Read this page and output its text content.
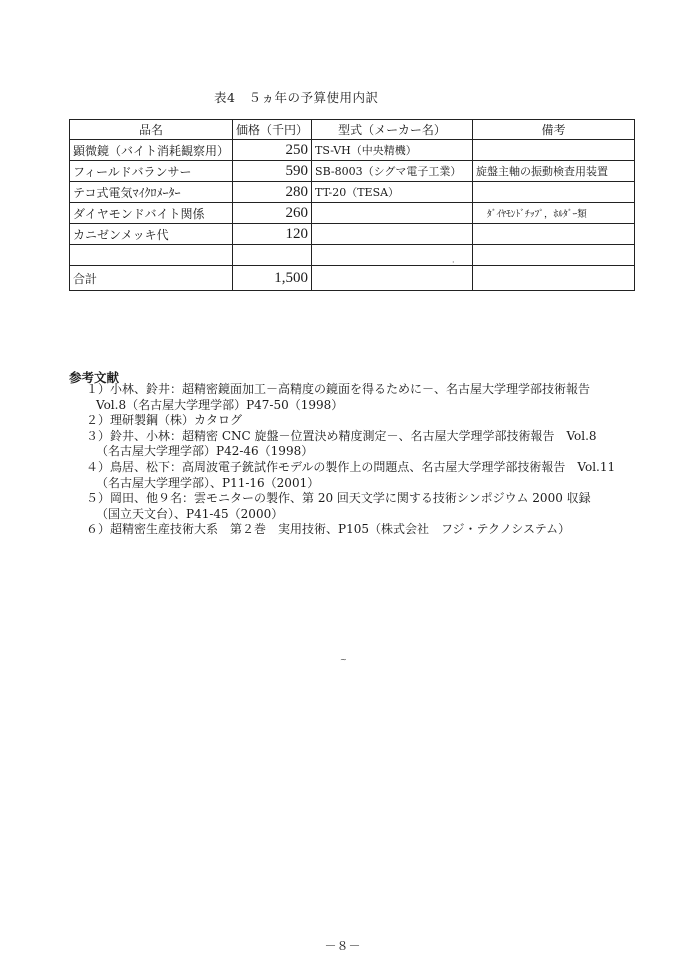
表4　５ヵ年の予算使用内訳
品名	価格（千円）	型式（メーカー名）	備考
顕微鏡（バイト消耗観察用）	250	TS-VH（中央精機）	
フィールドバランサー	590	SB-8003（シグマ電子工業）	旋盤主軸の振動検査用装置
テコ式電気ﾏｲｸﾛﾒｰﾀｰ	280	TT-20（TESA）	
ダイヤモンドバイト関係	260		ﾀﾞｲﾔﾓﾝﾄﾞﾁｯﾌﾟ，ﾎﾙﾀﾞｰ類
カニゼンメッキ代	120		

合計	1,500		
参考文献
１）小林、鈴井：超精密鏡面加工－高精度の鏡面を得るために－、名古屋大学理学部技術報告
Vol.8（名古屋大学理学部）P47-50（1998）
２）理研製鋼（株）カタログ
３）鈴井、小林：超精密 CNC 旋盤－位置決め精度測定－、名古屋大学理学部技術報告　Vol.8
（名古屋大学理学部）P42-46（1998）
４）鳥居、松下：高周波電子銃試作モデルの製作上の問題点、名古屋大学理学部技術報告　Vol.11
（名古屋大学理学部）、P11-16（2001）
５）岡田、他９名：雲モニターの製作、第 20 回天文学に関する技術シンポジウム 2000 収録
（国立天文台）、P41-45（2000）
６）超精密生産技術大系　第２巻　実用技術、P105（株式会社　フジ・テクノシステム）
·
~
－８－
